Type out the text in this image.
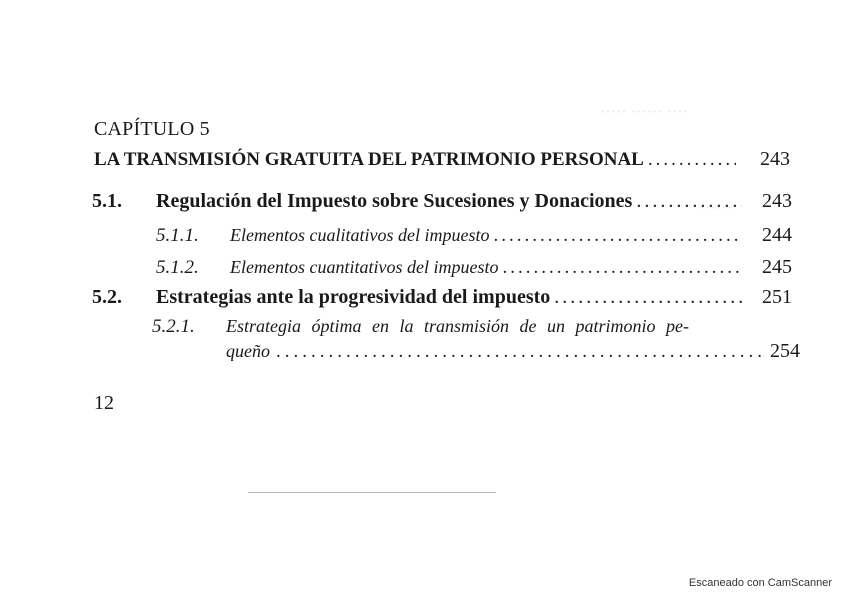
···· ······ ·····
······
CAPÍTULO 5
LA TRANSMISIÓN GRATUITA DEL PATRIMONIO PERSONAL .....	243
5.1.	Regulación del Impuesto sobre Sucesiones y Donaciones .....	243
5.1.1.	Elementos cualitativos del impuesto .....	244
5.1.2.	Elementos cuantitativos del impuesto .....	245
5.2.	Estrategias ante la progresividad del impuesto .....	251
5.2.1.	Estrategia óptima en la transmisión de un patrimonio pe-
queño .....	254
12
Escaneado con CamScanner
